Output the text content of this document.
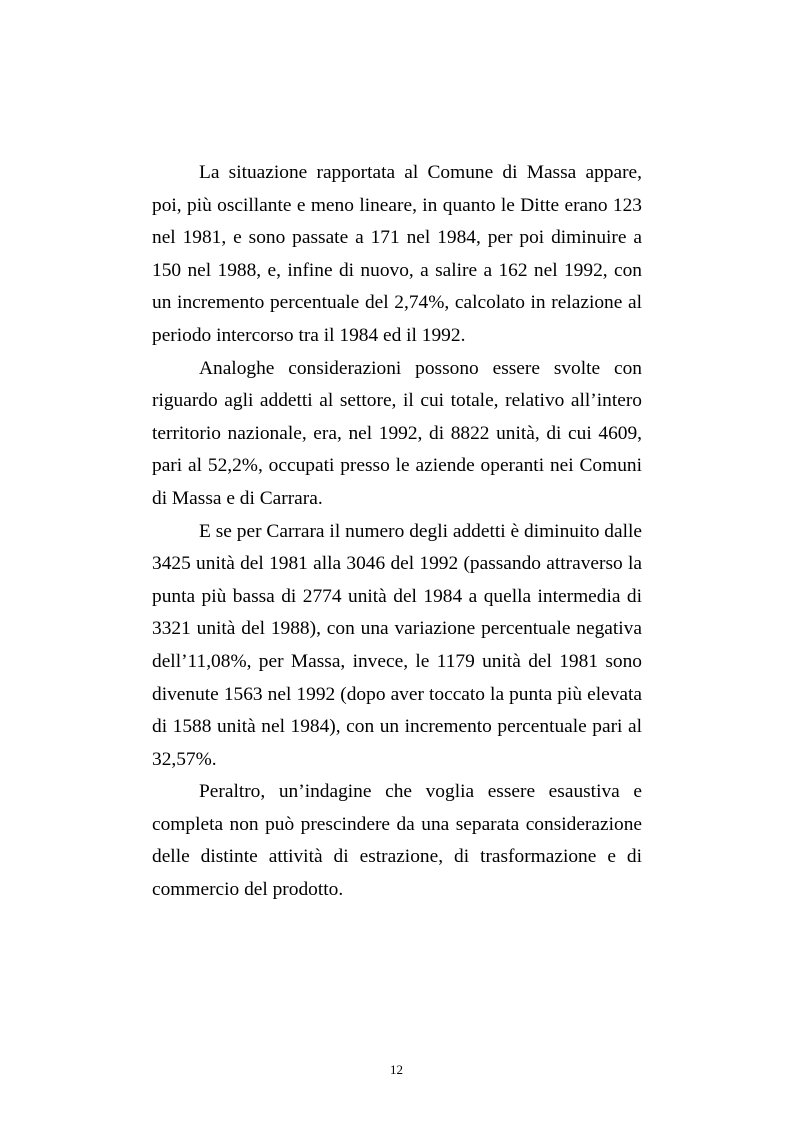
La situazione rapportata al Comune di Massa appare, poi, più oscillante e meno lineare, in quanto le Ditte erano 123 nel 1981, e sono passate a 171 nel 1984, per poi diminuire a 150 nel 1988, e, infine di nuovo, a salire a 162 nel 1992, con un incremento percentuale del 2,74%, calcolato in relazione al periodo intercorso tra il 1984 ed il 1992.

Analoghe considerazioni possono essere svolte con riguardo agli addetti al settore, il cui totale, relativo all’intero territorio nazionale, era, nel 1992, di 8822 unità, di cui 4609, pari al 52,2%, occupati presso le aziende operanti nei Comuni di Massa e di Carrara.

E se per Carrara il numero degli addetti è diminuito dalle 3425 unità del 1981 alla 3046 del 1992 (passando attraverso la punta più bassa di 2774 unità del 1984 a quella intermedia di 3321 unità del 1988), con una variazione percentuale negativa dell’11,08%, per Massa, invece, le 1179 unità del 1981 sono divenute 1563 nel 1992 (dopo aver toccato la punta più elevata di 1588 unità nel 1984), con un incremento percentuale pari al 32,57%.

Peraltro, un’indagine che voglia essere esaustiva e completa non può prescindere da una separata considerazione delle distinte attività di estrazione, di trasformazione e di commercio del prodotto.

12
